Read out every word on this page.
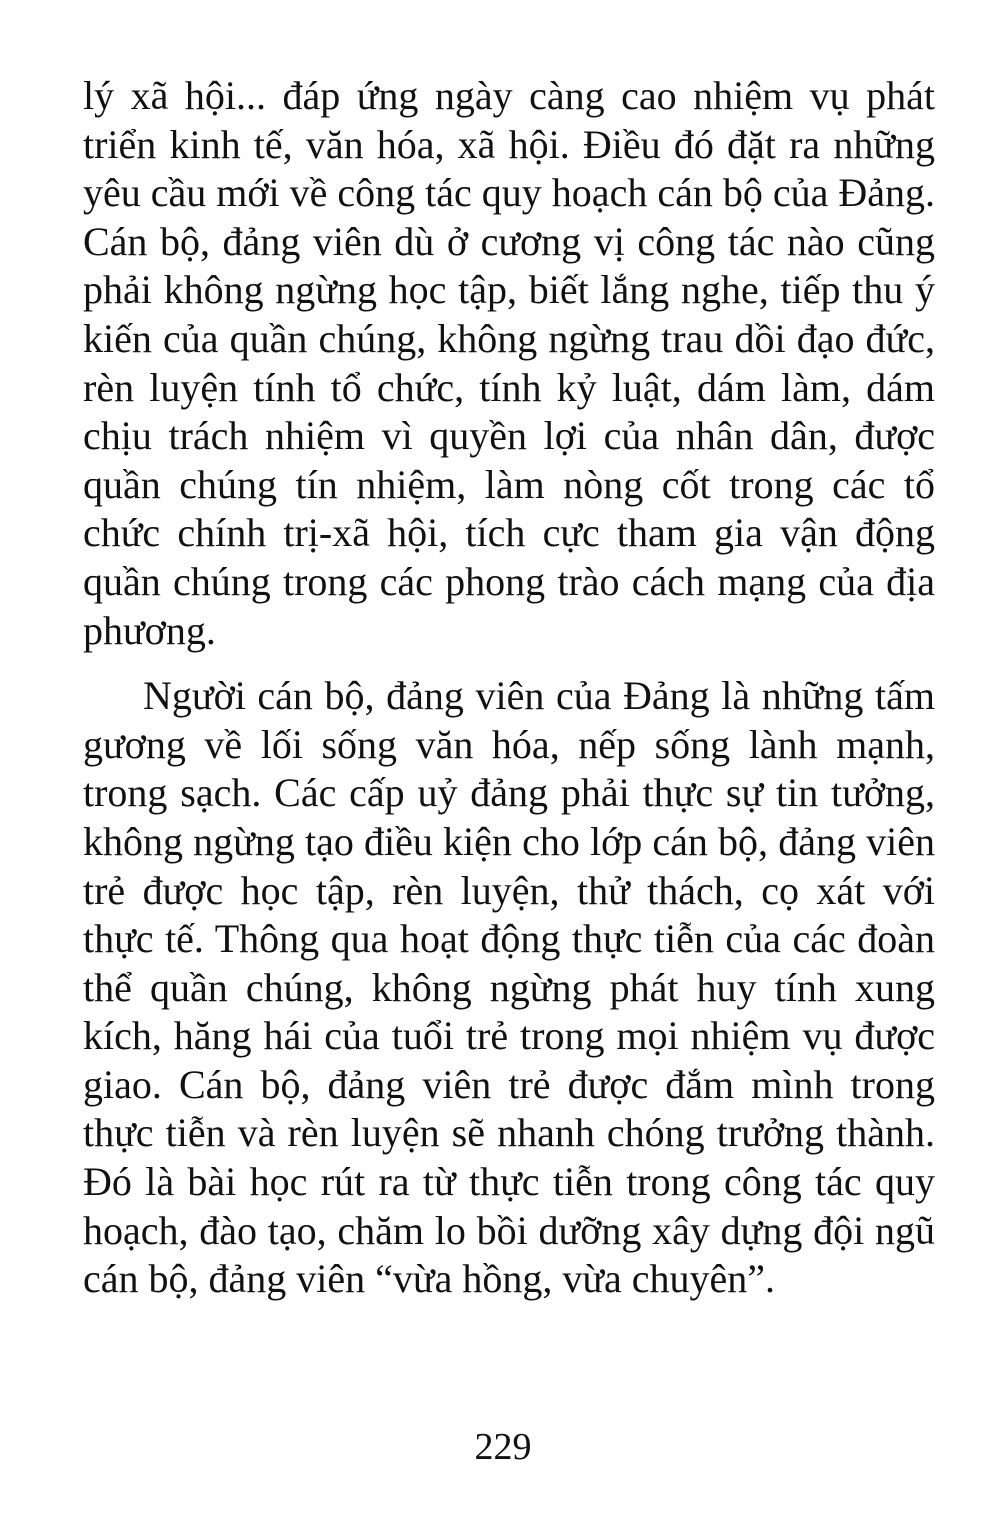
lý xã hội... đáp ứng ngày càng cao nhiệm vụ phát triển kinh tế, văn hóa, xã hội. Điều đó đặt ra những yêu cầu mới về công tác quy hoạch cán bộ của Đảng. Cán bộ, đảng viên dù ở cương vị công tác nào cũng phải không ngừng học tập, biết lắng nghe, tiếp thu ý kiến của quần chúng, không ngừng trau dồi đạo đức, rèn luyện tính tổ chức, tính kỷ luật, dám làm, dám chịu trách nhiệm vì quyền lợi của nhân dân, được quần chúng tín nhiệm, làm nòng cốt trong các tổ chức chính trị-xã hội, tích cực tham gia vận động quần chúng trong các phong trào cách mạng của địa phương.

Người cán bộ, đảng viên của Đảng là những tấm gương về lối sống văn hóa, nếp sống lành mạnh, trong sạch. Các cấp uỷ đảng phải thực sự tin tưởng, không ngừng tạo điều kiện cho lớp cán bộ, đảng viên trẻ được học tập, rèn luyện, thử thách, cọ xát với thực tế. Thông qua hoạt động thực tiễn của các đoàn thể quần chúng, không ngừng phát huy tính xung kích, hăng hái của tuổi trẻ trong mọi nhiệm vụ được giao. Cán bộ, đảng viên trẻ được đắm mình trong thực tiễn và rèn luyện sẽ nhanh chóng trưởng thành. Đó là bài học rút ra từ thực tiễn trong công tác quy hoạch, đào tạo, chăm lo bồi dưỡng xây dựng đội ngũ cán bộ, đảng viên “vừa hồng, vừa chuyên”.

229
